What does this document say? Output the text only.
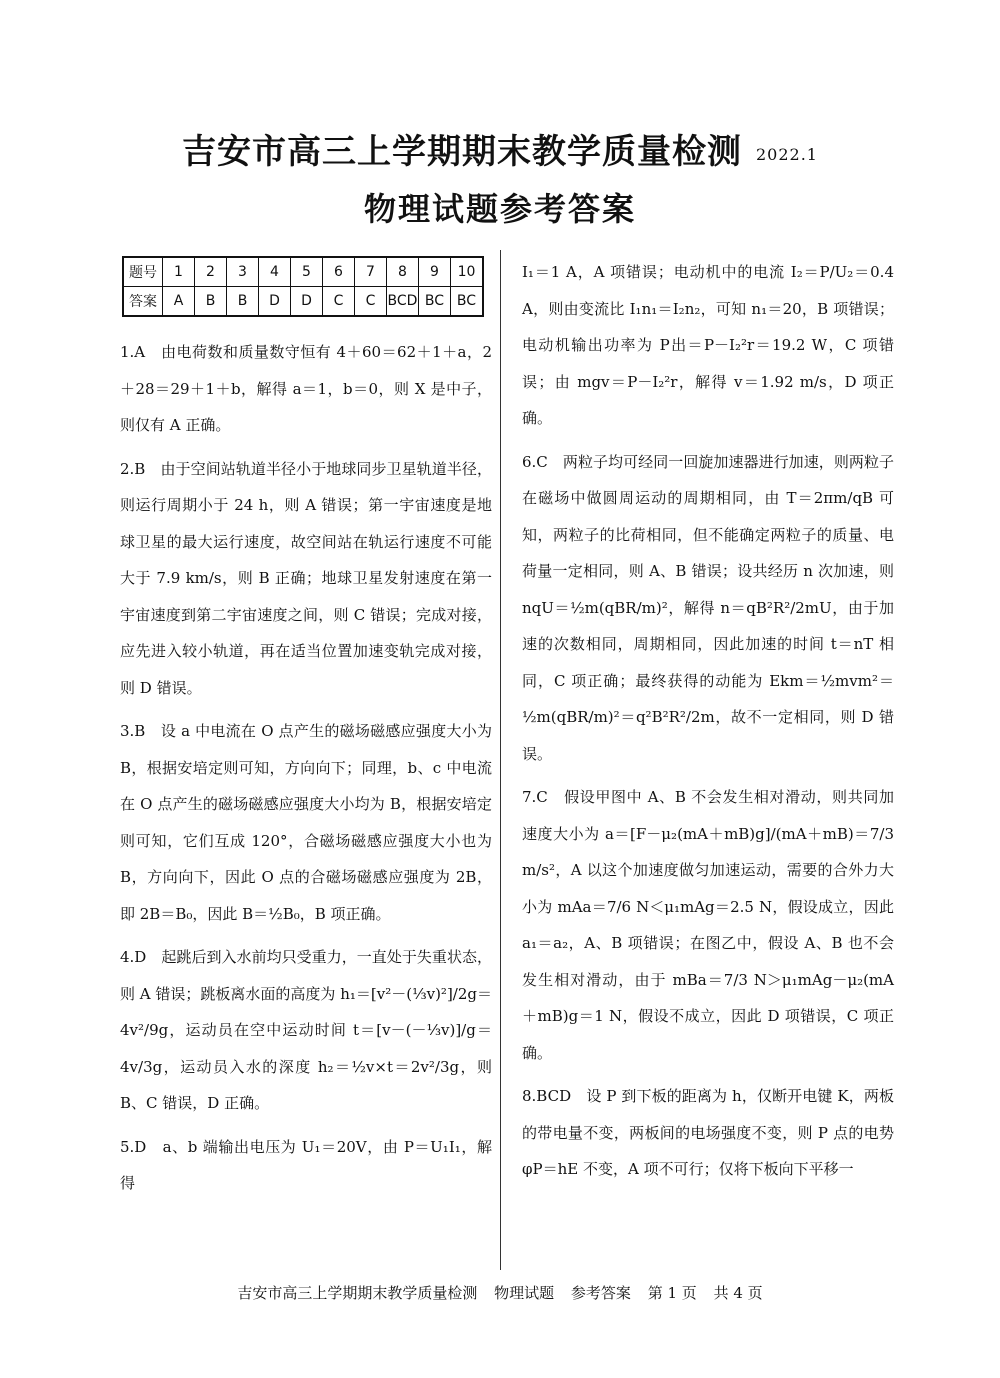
吉安市高三上学期期末教学质量检测 2022.1
物理试题参考答案
题号	1	2	3	4	5	6	7	8	9	10
答案	A	B	B	D	D	C	C	BCD	BC	BC

1.A　由电荷数和质量数守恒有 4＋60＝62＋1＋a，2＋28＝29＋1＋b，解得 a＝1，b＝0，则 X 是中子，则仅有 A 正确。

2.B　由于空间站轨道半径小于地球同步卫星轨道半径，则运行周期小于 24 h，则 A 错误；第一宇宙速度是地球卫星的最大运行速度，故空间站在轨运行速度不可能大于 7.9 km/s，则 B 正确；地球卫星发射速度在第一宇宙速度到第二宇宙速度之间，则 C 错误；完成对接，应先进入较小轨道，再在适当位置加速变轨完成对接，则 D 错误。

3.B　设 a 中电流在 O 点产生的磁场磁感应强度大小为 B，根据安培定则可知，方向向下；同理，b、c 中电流在 O 点产生的磁场磁感应强度大小均为 B，根据安培定则可知，它们互成 120°，合磁场磁感应强度大小也为 B，方向向下，因此 O 点的合磁场磁感应强度为 2B，即 2B＝B₀，因此 B＝½B₀，B 项正确。

4.D　起跳后到入水前均只受重力，一直处于失重状态，则 A 错误；跳板离水面的高度为 h₁＝[v²－(⅓v)²]/2g＝4v²/9g，运动员在空中运动时间 t＝[v－(－⅓v)]/g＝4v/3g，运动员入水的深度 h₂＝½v×t＝2v²/3g，则 B、C 错误，D 正确。

5.D　a、b 端输出电压为 U₁＝20V，由 P＝U₁I₁，解得

I₁＝1 A，A 项错误；电动机中的电流 I₂＝P/U₂＝0.4 A，则由变流比 I₁n₁＝I₂n₂，可知 n₁＝20，B 项错误；电动机输出功率为 P出＝P－I₂²r＝19.2 W，C 项错误；由 mgv＝P－I₂²r，解得 v＝1.92 m/s，D 项正确。

6.C　两粒子均可经同一回旋加速器进行加速，则两粒子在磁场中做圆周运动的周期相同，由 T＝2πm/qB 可知，两粒子的比荷相同，但不能确定两粒子的质量、电荷量一定相同，则 A、B 错误；设共经历 n 次加速，则 nqU＝½m(qBR/m)²，解得 n＝qB²R²/2mU，由于加速的次数相同，周期相同，因此加速的时间 t＝nT 相同，C 项正确；最终获得的动能为 Ekm＝½mvm²＝½m(qBR/m)²＝q²B²R²/2m，故不一定相同，则 D 错误。

7.C　假设甲图中 A、B 不会发生相对滑动，则共同加速度大小为 a＝[F－μ₂(mA＋mB)g]/(mA＋mB)＝7/3 m/s²，A 以这个加速度做匀加速运动，需要的合外力大小为 mAa＝7/6 N＜μ₁mAg＝2.5 N，假设成立，因此 a₁＝a₂，A、B 项错误；在图乙中，假设 A、B 也不会发生相对滑动，由于 mBa＝7/3 N＞μ₁mAg－μ₂(mA＋mB)g＝1 N，假设不成立，因此 D 项错误，C 项正确。

8.BCD　设 P 到下板的距离为 h，仅断开电键 K，两板的带电量不变，两板间的电场强度不变，则 P 点的电势 φP＝hE 不变，A 项不可行；仅将下板向下平移一

吉安市高三上学期期末教学质量检测 物理试题 参考答案 第 1 页 共 4 页
